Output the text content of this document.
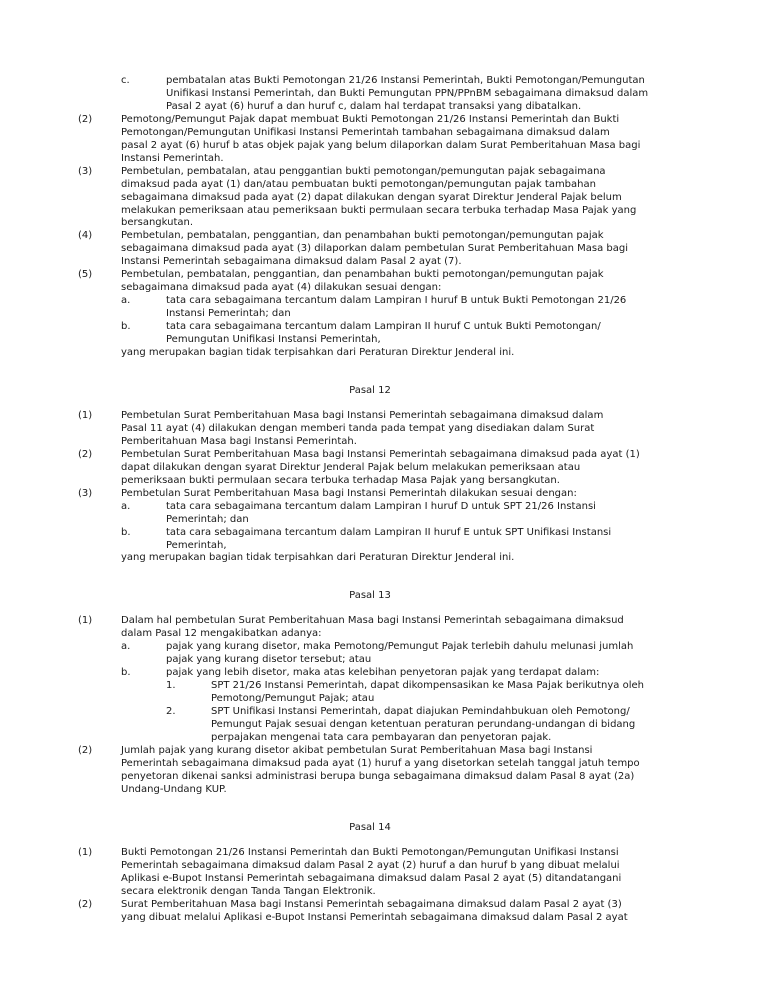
c.	pembatalan atas Bukti Pemotongan 21/26 Instansi Pemerintah, Bukti Pemotongan/Pemungutan
Unifikasi Instansi Pemerintah, dan Bukti Pemungutan PPN/PPnBM sebagaimana dimaksud dalam
Pasal 2 ayat (6) huruf a dan huruf c, dalam hal terdapat transaksi yang dibatalkan.
(2)	Pemotong/Pemungut Pajak dapat membuat Bukti Pemotongan 21/26 Instansi Pemerintah dan Bukti
Pemotongan/Pemungutan Unifikasi Instansi Pemerintah tambahan sebagaimana dimaksud dalam
pasal 2 ayat (6) huruf b atas objek pajak yang belum dilaporkan dalam Surat Pemberitahuan Masa bagi
Instansi Pemerintah.
(3)	Pembetulan, pembatalan, atau penggantian bukti pemotongan/pemungutan pajak sebagaimana
dimaksud pada ayat (1) dan/atau pembuatan bukti pemotongan/pemungutan pajak tambahan
sebagaimana dimaksud pada ayat (2) dapat dilakukan dengan syarat Direktur Jenderal Pajak belum
melakukan pemeriksaan atau pemeriksaan bukti permulaan secara terbuka terhadap Masa Pajak yang
bersangkutan.
(4)	Pembetulan, pembatalan, penggantian, dan penambahan bukti pemotongan/pemungutan pajak
sebagaimana dimaksud pada ayat (3) dilaporkan dalam pembetulan Surat Pemberitahuan Masa bagi
Instansi Pemerintah sebagaimana dimaksud dalam Pasal 2 ayat (7).
(5)	Pembetulan, pembatalan, penggantian, dan penambahan bukti pemotongan/pemungutan pajak
sebagaimana dimaksud pada ayat (4) dilakukan sesuai dengan:
a.	tata cara sebagaimana tercantum dalam Lampiran I huruf B untuk Bukti Pemotongan 21/26
Instansi Pemerintah; dan
b.	tata cara sebagaimana tercantum dalam Lampiran II huruf C untuk Bukti Pemotongan/
Pemungutan Unifikasi Instansi Pemerintah,
yang merupakan bagian tidak terpisahkan dari Peraturan Direktur Jenderal ini.
Pasal 12
(1)	Pembetulan Surat Pemberitahuan Masa bagi Instansi Pemerintah sebagaimana dimaksud dalam
Pasal 11 ayat (4) dilakukan dengan memberi tanda pada tempat yang disediakan dalam Surat
Pemberitahuan Masa bagi Instansi Pemerintah.
(2)	Pembetulan Surat Pemberitahuan Masa bagi Instansi Pemerintah sebagaimana dimaksud pada ayat (1)
dapat dilakukan dengan syarat Direktur Jenderal Pajak belum melakukan pemeriksaan atau
pemeriksaan bukti permulaan secara terbuka terhadap Masa Pajak yang bersangkutan.
(3)	Pembetulan Surat Pemberitahuan Masa bagi Instansi Pemerintah dilakukan sesuai dengan:
a.	tata cara sebagaimana tercantum dalam Lampiran I huruf D untuk SPT 21/26 Instansi
Pemerintah; dan
b.	tata cara sebagaimana tercantum dalam Lampiran II huruf E untuk SPT Unifikasi Instansi
Pemerintah,
yang merupakan bagian tidak terpisahkan dari Peraturan Direktur Jenderal ini.
Pasal 13
(1)	Dalam hal pembetulan Surat Pemberitahuan Masa bagi Instansi Pemerintah sebagaimana dimaksud
dalam Pasal 12 mengakibatkan adanya:
a.	pajak yang kurang disetor, maka Pemotong/Pemungut Pajak terlebih dahulu melunasi jumlah
pajak yang kurang disetor tersebut; atau
b.	pajak yang lebih disetor, maka atas kelebihan penyetoran pajak yang terdapat dalam:
1.	SPT 21/26 Instansi Pemerintah, dapat dikompensasikan ke Masa Pajak berikutnya oleh
Pemotong/Pemungut Pajak; atau
2.	SPT Unifikasi Instansi Pemerintah, dapat diajukan Pemindahbukuan oleh Pemotong/
Pemungut Pajak sesuai dengan ketentuan peraturan perundang-undangan di bidang
perpajakan mengenai tata cara pembayaran dan penyetoran pajak.
(2)	Jumlah pajak yang kurang disetor akibat pembetulan Surat Pemberitahuan Masa bagi Instansi
Pemerintah sebagaimana dimaksud pada ayat (1) huruf a yang disetorkan setelah tanggal jatuh tempo
penyetoran dikenai sanksi administrasi berupa bunga sebagaimana dimaksud dalam Pasal 8 ayat (2a)
Undang-Undang KUP.
Pasal 14
(1)	Bukti Pemotongan 21/26 Instansi Pemerintah dan Bukti Pemotongan/Pemungutan Unifikasi Instansi
Pemerintah sebagaimana dimaksud dalam Pasal 2 ayat (2) huruf a dan huruf b yang dibuat melalui
Aplikasi e-Bupot Instansi Pemerintah sebagaimana dimaksud dalam Pasal 2 ayat (5) ditandatangani
secara elektronik dengan Tanda Tangan Elektronik.
(2)	Surat Pemberitahuan Masa bagi Instansi Pemerintah sebagaimana dimaksud dalam Pasal 2 ayat (3)
yang dibuat melalui Aplikasi e-Bupot Instansi Pemerintah sebagaimana dimaksud dalam Pasal 2 ayat
